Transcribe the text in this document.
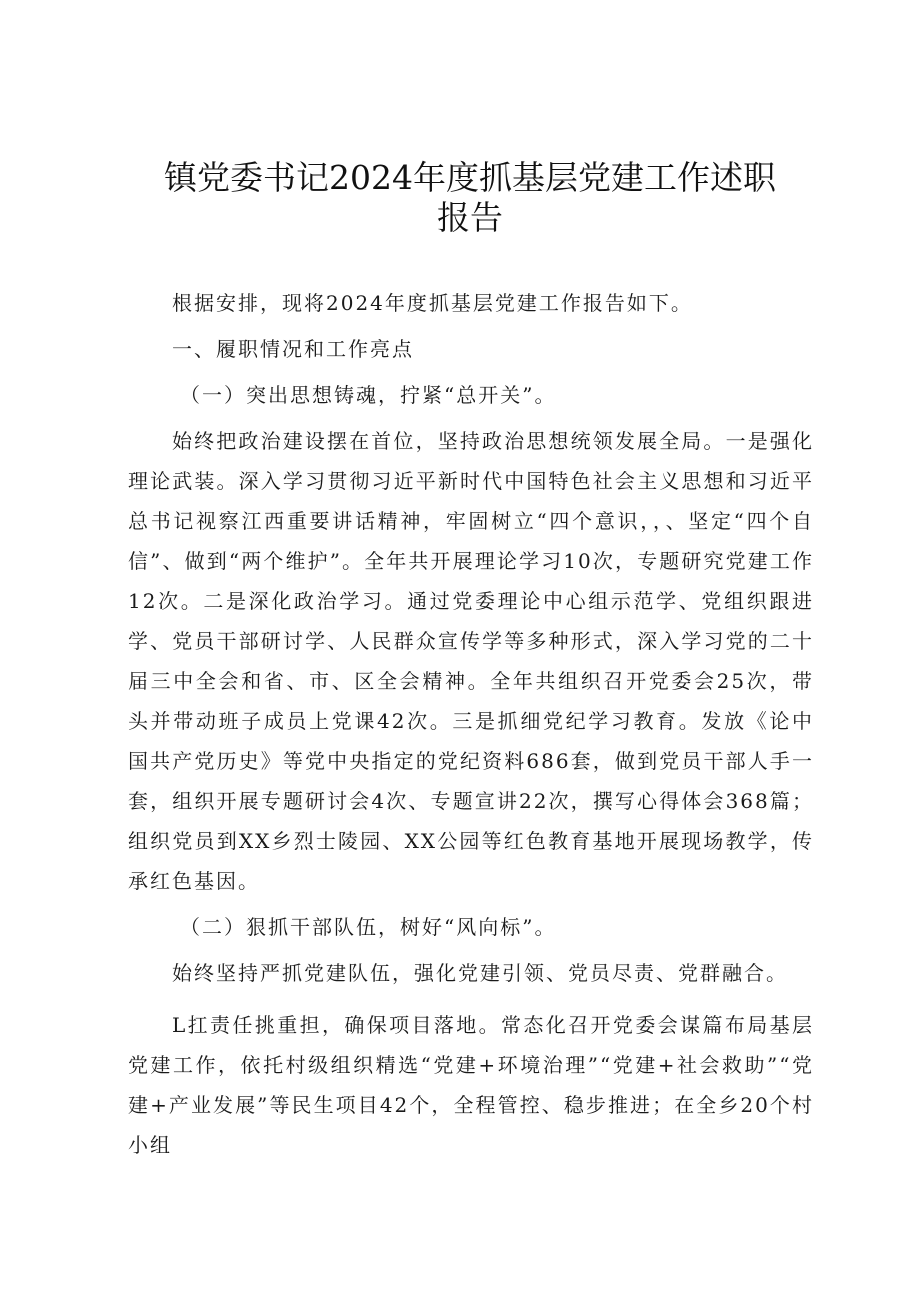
镇党委书记2024年度抓基层党建工作述职报告

根据安排，现将2024年度抓基层党建工作报告如下。

一、履职情况和工作亮点

（一）突出思想铸魂，拧紧“总开关”。

始终把政治建设摆在首位，坚持政治思想统领发展全局。一是强化理论武装。深入学习贯彻习近平新时代中国特色社会主义思想和习近平总书记视察江西重要讲话精神，牢固树立“四个意识，，、坚定“四个自信”、做到“两个维护”。全年共开展理论学习10次，专题研究党建工作12次。二是深化政治学习。通过党委理论中心组示范学、党组织跟进学、党员干部研讨学、人民群众宣传学等多种形式，深入学习党的二十届三中全会和省、市、区全会精神。全年共组织召开党委会25次，带头并带动班子成员上党课42次。三是抓细党纪学习教育。发放《论中国共产党历史》等党中央指定的党纪资料686套，做到党员干部人手一套，组织开展专题研讨会4次、专题宣讲22次，撰写心得体会368篇；组织党员到XX乡烈士陵园、XX公园等红色教育基地开展现场教学，传承红色基因。

（二）狠抓干部队伍，树好“风向标”。

始终坚持严抓党建队伍，强化党建引领、党员尽责、党群融合。

L扛责任挑重担，确保项目落地。常态化召开党委会谋篇布局基层党建工作，依托村级组织精选“党建+环境治理”“党建+社会救助”“党建+产业发展”等民生项目42个，全程管控、稳步推进；在全乡20个村小组
